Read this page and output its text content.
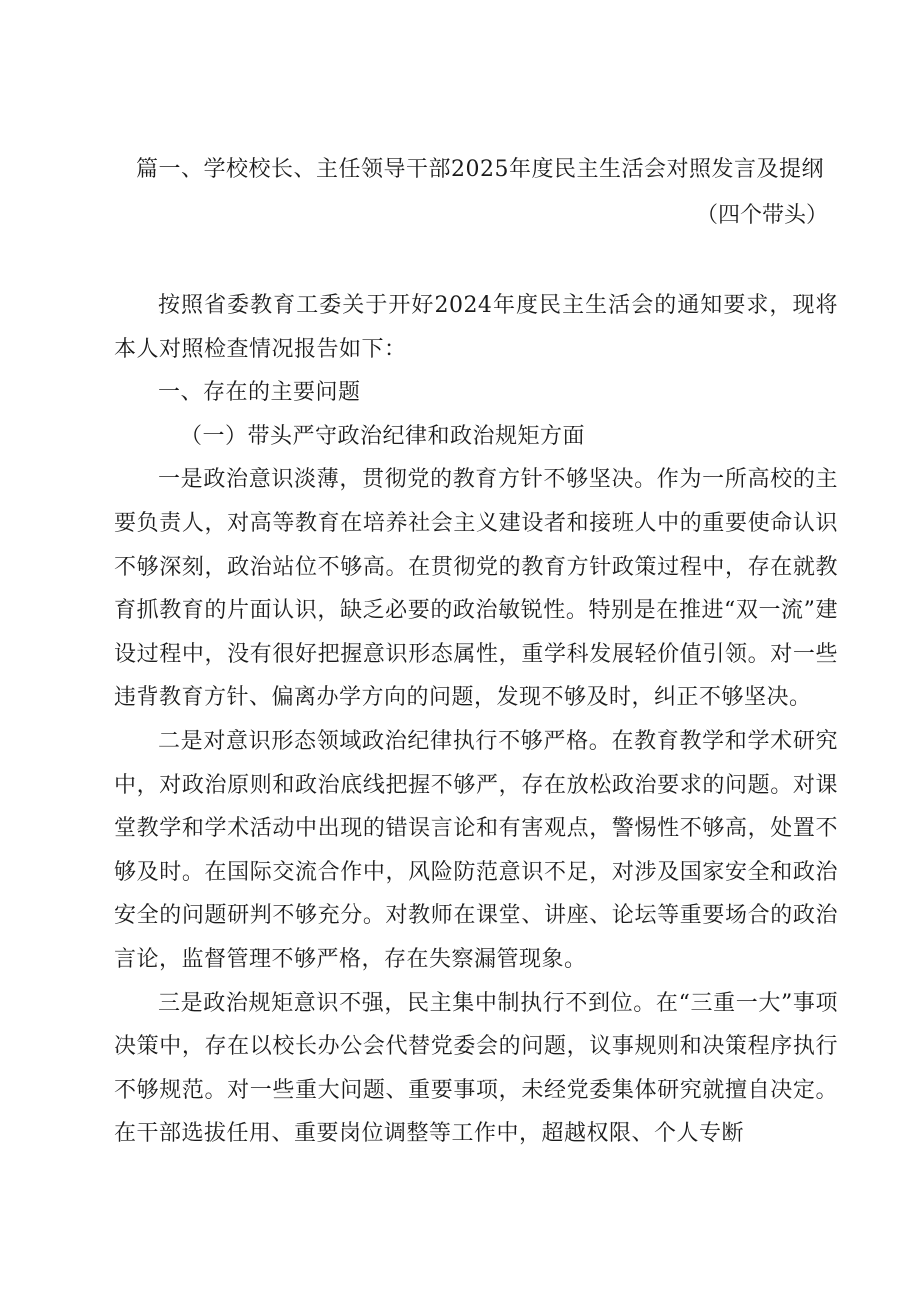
篇一、学校校长、主任领导干部2025年度民主生活会对照发言及提纲
（四个带头）

按照省委教育工委关于开好2024年度民主生活会的通知要求，现将本人对照检查情况报告如下：

一、存在的主要问题

（一）带头严守政治纪律和政治规矩方面

一是政治意识淡薄，贯彻党的教育方针不够坚决。作为一所高校的主要负责人，对高等教育在培养社会主义建设者和接班人中的重要使命认识不够深刻，政治站位不够高。在贯彻党的教育方针政策过程中，存在就教育抓教育的片面认识，缺乏必要的政治敏锐性。特别是在推进“双一流”建设过程中，没有很好把握意识形态属性，重学科发展轻价值引领。对一些违背教育方针、偏离办学方向的问题，发现不够及时，纠正不够坚决。

二是对意识形态领域政治纪律执行不够严格。在教育教学和学术研究中，对政治原则和政治底线把握不够严，存在放松政治要求的问题。对课堂教学和学术活动中出现的错误言论和有害观点，警惕性不够高，处置不够及时。在国际交流合作中，风险防范意识不足，对涉及国家安全和政治安全的问题研判不够充分。对教师在课堂、讲座、论坛等重要场合的政治言论，监督管理不够严格，存在失察漏管现象。

三是政治规矩意识不强，民主集中制执行不到位。在“三重一大”事项决策中，存在以校长办公会代替党委会的问题，议事规则和决策程序执行不够规范。对一些重大问题、重要事项，未经党委集体研究就擅自决定。在干部选拔任用、重要岗位调整等工作中，超越权限、个人专断
